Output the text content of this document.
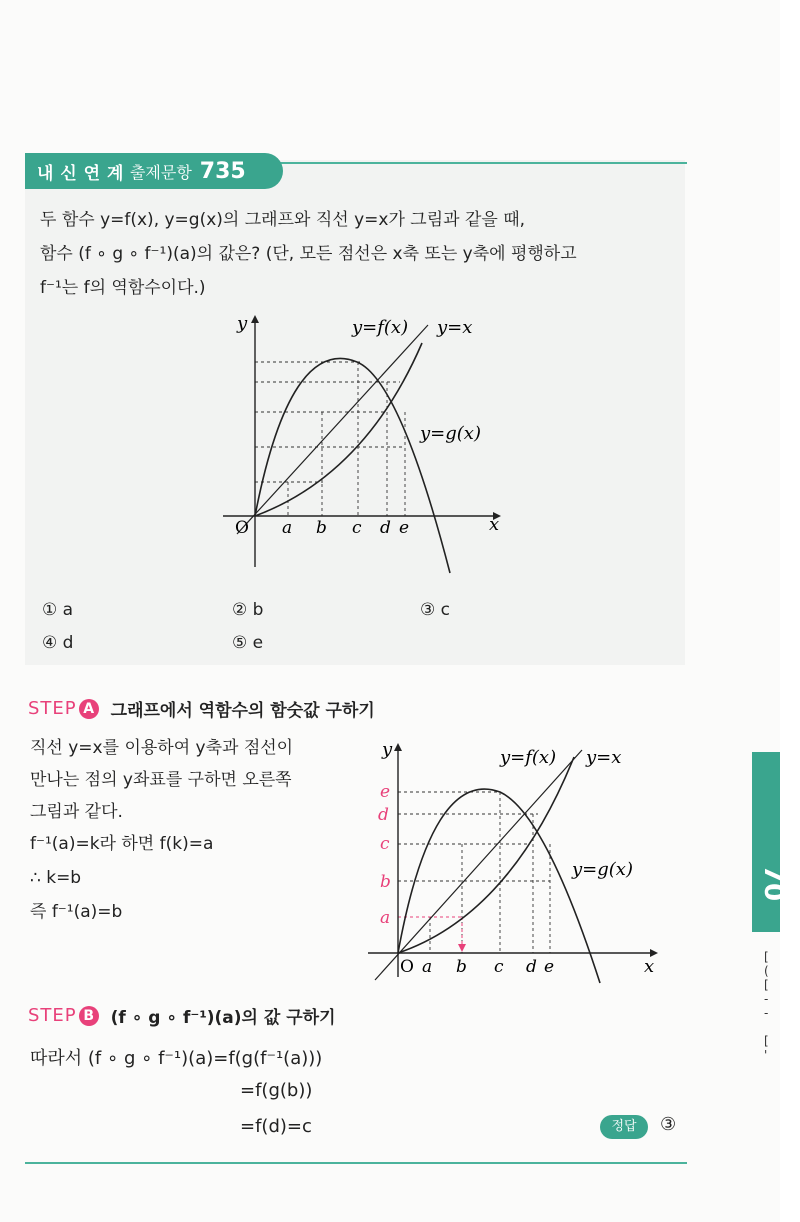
내 신 연 계 출제문항 735
두 함수 y=f(x), y=g(x)의 그래프와 직선 y=x가 그림과 같을 때,
함수 (f ∘ g ∘ f⁻¹)(a)의 값은? (단, 모든 점선은 x축 또는 y축에 평행하고
f⁻¹는 f의 역함수이다.)
y
x
O
y=f(x) y=x
y=g(x)
a b c d e
① a	② b	③ c
④ d	⑤ e
STEP A 그래프에서 역함수의 함숫값 구하기
직선 y=x를 이용하여 y축과 점선이
만나는 점의 y좌표를 구하면 오른쪽
그림과 같다.
f⁻¹(a)=k라 하면 f(k)=a
∴ k=b
즉 f⁻¹(a)=b
y
x
O
y=f(x) y=x
y=g(x)
e
d
c
b
a
a b c d e
STEP B (f ∘ g ∘ f⁻¹)(a)의 값 구하기
따라서 (f ∘ g ∘ f⁻¹)(a)=f(g(f⁻¹(a)))
=f(g(b))
=f(d)=c	정답	③
70
[
(
[
-
-

[
'
